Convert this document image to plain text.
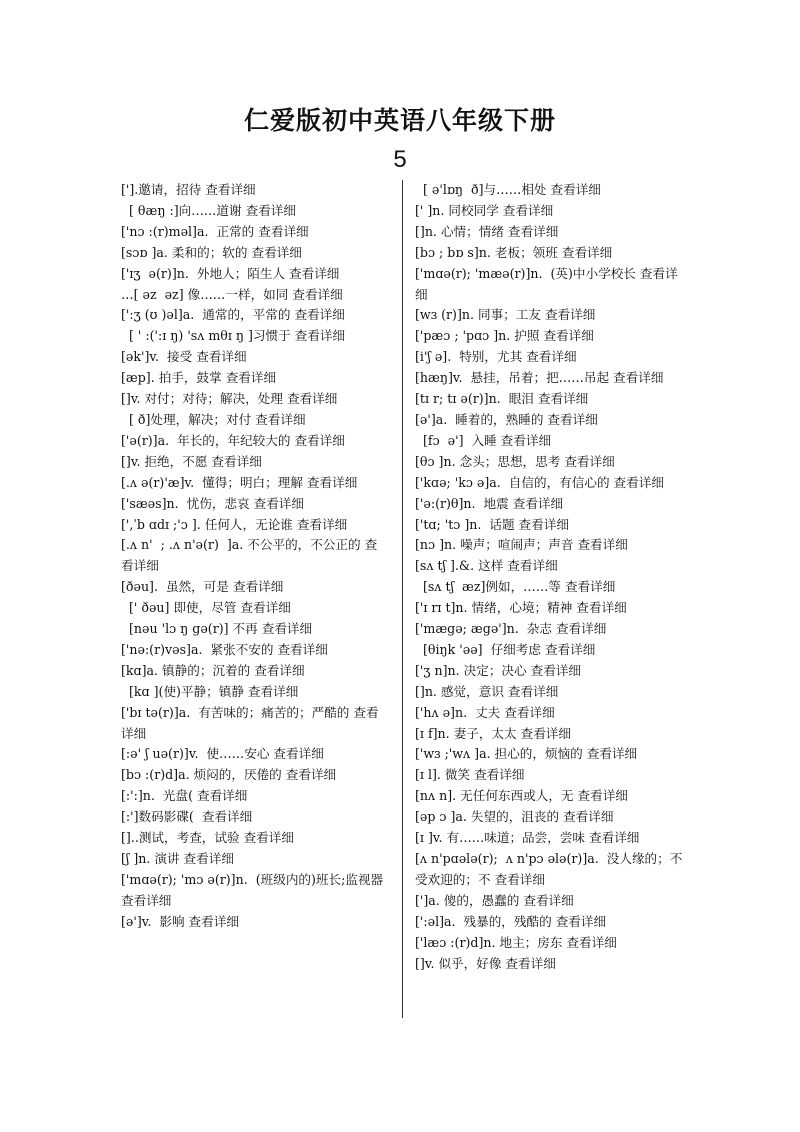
仁爱版初中英语八年级下册
5

['].邀请，招待 查看详细

[ θæŋ :]向……道谢 查看详细

['nɔ :(r)məl]a.  正常的 查看详细

[sɔɒ ]a. 柔和的；软的 查看详细

['ɪʒ  ə(r)]n.  外地人；陌生人 查看详细

…[ əz  əz] 像……一样，如同 查看详细

[':ʒ (ʊ )əl]a.  通常的，平常的 查看详细

[ ' :(':ɪ ŋ) 'sʌ mθɪ ŋ ]习惯于 查看详细

[ək']v.  接受 查看详细

[æp]. 拍手，鼓掌 查看详细

[]v. 对付；对待；解决，处理 查看详细

[ ð]处理，解决；对付 查看详细

['ə(r)]a.  年长的，年纪较大的 查看详细

[]v. 拒绝，不愿 查看详细

[.ʌ ə(r)'æ]v.  懂得；明白；理解 查看详细

['sæəs]n.  忧伤，悲哀 查看详细

[',ˈb ɑdɪ ;'ɔ ]. 任何人，无论谁 查看详细

[.ʌ n'  ; .ʌ n'ə(r)  ]a. 不公平的，不公正的 查看详细

[ðəu].  虽然，可是 查看详细

[' ðəu] 即使，尽管 查看详细

[nəu 'lɔ ŋ gə(r)] 不再 查看详细

['nə:(r)vəs]a.  紧张不安的 查看详细

[kɑ]a. 镇静的；沉着的 查看详细

[kɑ ](使)平静；镇静 查看详细

['bɪ tə(r)]a.  有苦味的；痛苦的；严酷的 查看详细

[:ə' ʃ uə(r)]v.  使……安心 查看详细

[bɔ :(r)d]a. 烦闷的，厌倦的 查看详细

[:':]n.  光盘( 查看详细

[:']数码影碟(  查看详细

[]..测试，考查，试验 查看详细

[ʃ ]n. 演讲 查看详细

['mɑə(r); 'mɔ ə(r)]n.  (班级内的)班长;监视器 查看详细

[ə']v.  影响 查看详细

[ ə'lɒŋ  ð]与……相处 查看详细

[' ]n. 同校同学 查看详细

[]n. 心情；情绪 查看详细

[bɔ ; bɒ s]n. 老板；领班 查看详细

['mɑə(r); 'mæə(r)]n.  (英)中小学校长 查看详细

[wɜ (r)]n. 同事；工友 查看详细

['pæɔ ; 'pɑɔ ]n. 护照 查看详细

[i'ʃ ə].  特别，尤其 查看详细

[hæŋ]v.  悬挂，吊着；把……吊起 查看详细

[tɪ r; tɪ ə(r)]n.  眼泪 查看详细

[ə']a.  睡着的，熟睡的 查看详细

[fɔ  ə']  入睡 查看详细

[θɔ ]n. 念头；思想，思考 查看详细

['kɑə; 'kɔ ə]a.  自信的，有信心的 查看详细

['ə:(r)θ]n.  地震 查看详细

['tɑ; 'tɔ ]n.  话题 查看详细

[nɔ ]n. 噪声；喧闹声；声音 查看详细

[sʌ tʃ ].&. 这样 查看详细

[sʌ tʃ  æz]例如，……等 查看详细

['ɪ rɪ t]n. 情绪，心境；精神 查看详细

['mægə; ægə']n.  杂志 查看详细

[θiŋk 'əə]  仔细考虑 查看详细

['ʒ n]n. 决定；决心 查看详细

[]n. 感觉，意识 查看详细

['hʌ ə]n.  丈夫 查看详细

[ɪ f]n. 妻子，太太 查看详细

['wɜ ;'wʌ ]a. 担心的，烦恼的 查看详细

[ɪ l]. 微笑 查看详细

[nʌ n]. 无任何东西或人，无 查看详细

[əp ɔ ]a. 失望的，沮丧的 查看详细

[ɪ ]v. 有……味道；品尝，尝味 查看详细

[ʌ n'pɑələ(r);  ʌ n'pɔ ələ(r)]a.  没人缘的；不受欢迎的；不 查看详细

[']a. 傻的，愚蠢的 查看详细

[':əl]a.  残暴的，残酷的 查看详细

['læɔ :(r)d]n. 地主；房东 查看详细

[]v. 似乎，好像 查看详细
